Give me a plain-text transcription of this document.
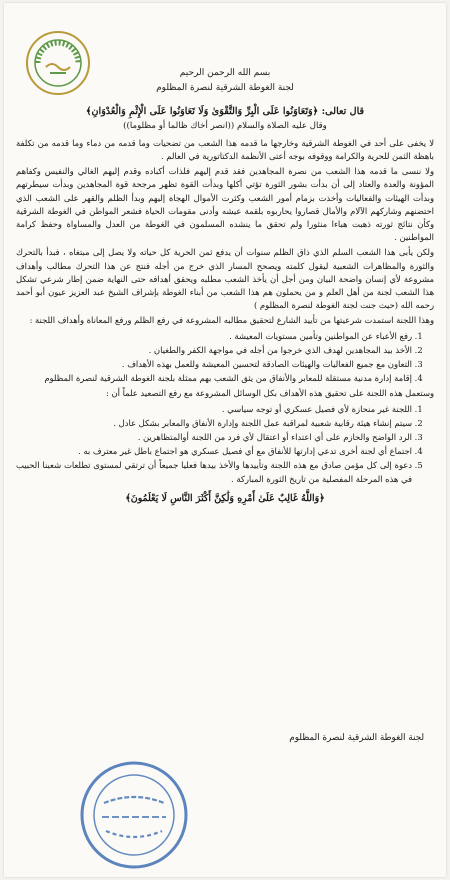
بسم الله الرحمن الرحيم
لجنة الغوطة الشرقية لنصرة المظلوم
قال تعالى: ﴿وَتَعَاوَنُوا عَلَى الْبِرِّ وَالتَّقْوَىٰ وَلَا تَعَاوَنُوا عَلَى الْإِثْمِ وَالْعُدْوَانِ﴾
وقال عليه الصلاة والسلام ((انصر أخاك ظالما أو مظلوما))

لا يخفى على أحد في الغوطة الشرقية وخارجها ما قدمه هذا الشعب من تضحيات وما قدمه من دماء وما قدمه من تكلفة باهظة الثمن للحرية والكرامة ووقوفه بوجه أعتى الأنظمة الدكتاتورية في العالم .

ولا ننسى ما قدمه هذا الشعب من نصرة المجاهدين فقد قدم إليهم فلذات أكباده وقدم إليهم الغالي والنفيس وكفاهم المؤونة والعدة والعتاد إلى أن بدأت بشور الثورة تؤتي أكلها وبدأت القوة تظهر مرجحة قوة المجاهدين وبدأت سيطرتهم وبدأت الهيئات والفعاليات وأخذت بزمام أمور الشعب وكثرت الأموال الهجاة إليهم وبدأ الظلم والقهر على الشعب الذي احتضنهم وشاركهم الآلام والأمال قصاروا يحاربوه بلقمة عيشه وأدنى مقومات الحياة فشعر المواطن في الغوطة الشرقية وكأن نتائج ثورته ذهبت هباءا منثورا ولم تحقق ما ينشده المسلمون في الغوطة من العدل والمساواة وحفظ كرامة المواطنين .

ولكن يأبى هذا الشعب السلم الذي ذاق الظلم سنوات أن يدفع ثمن الحرية كل حياته ولا يصل إلى مبتغاه ، فبدأ بالتحرك والثورة والمظاهرات الشعبية ليقول كلمته ويصحح المسار الذي خرج من أجله فنتج عن هذا التحرك مطالب وأهداف مشروعة لأي إنسان واضحة البيان ومن أجل أن يأخذ الشعب مطلبه ويحقق أهدافه حتى النهاية ضمن إطار شرعي تشكل هذا الشعب لجنة من أهل العلم و من يحملون هم هذا الشعب من أبناء الغوطة بإشراف الشيخ عبد العزيز عيون أبو أحمد رحمه الله (حيث جنت لجنة الغوطة لنصرة المظلوم )

وهذا اللجنة استمدت شرعيتها من تأييد الشارع لتحقيق مطالبه المشروعة في رفع الظلم ورفع المعاناة وأهداف اللجنة :

1. رفع الأعباء عن المواطنين وتأمين مستويات المعيشة .
2. الأخذ بيد المجاهدين لهدف الذي خرجوا من أجله في مواجهة الكفر والطغيان .
3. التعاون مع جميع الفعاليات والهيئات الصادقة لتحسين المعيشة وللعمل بهذه الأهداف .
4. إقامة إدارة مدنية مستقلة للمعابر والأنفاق من يثق الشعب بهم ممثلة بلجنة الغوطة الشرقية لنصرة المظلوم

وستعمل هذه اللجنة على تحقيق هذه الأهداف بكل الوسائل المشروعة مع رفع التصعيد علماً أن :

1. اللجنة غير منحازة لأي فصيل عسكري أو توجه سياسي .
2. سيتم إنشاء هيئة رقابية شعبية لمراقبة عمل اللجنة وإدارة الأنفاق والمعابر بشكل عادل .
3. الرد الواضح والحازم على أي اعتداء أو اعتقال لأي فرد من اللجنة أوالمتظاهرين .
4. اجتماع أي لجنة أخرى تدعي إدارتها للأنفاق مع أي فصيل عسكري هو اجتماع باطل غير معترف به .
5. دعوة إلى كل مؤمن صادق مع هذه اللجنة وتأييدها والأخذ بيدها فعليا جميعاً أن ترتقي لمستوى تطلعات شعبنا الحبيب في هذه المرحلة المفصلية من تاريخ الثورة المباركة .
﴿وَاللَّهُ غَالِبٌ عَلَىٰ أَمْرِهِ وَلَٰكِنَّ أَكْثَرَ النَّاسِ لَا يَعْلَمُونَ﴾
لجنة الغوطة الشرقية لنصرة المظلوم
